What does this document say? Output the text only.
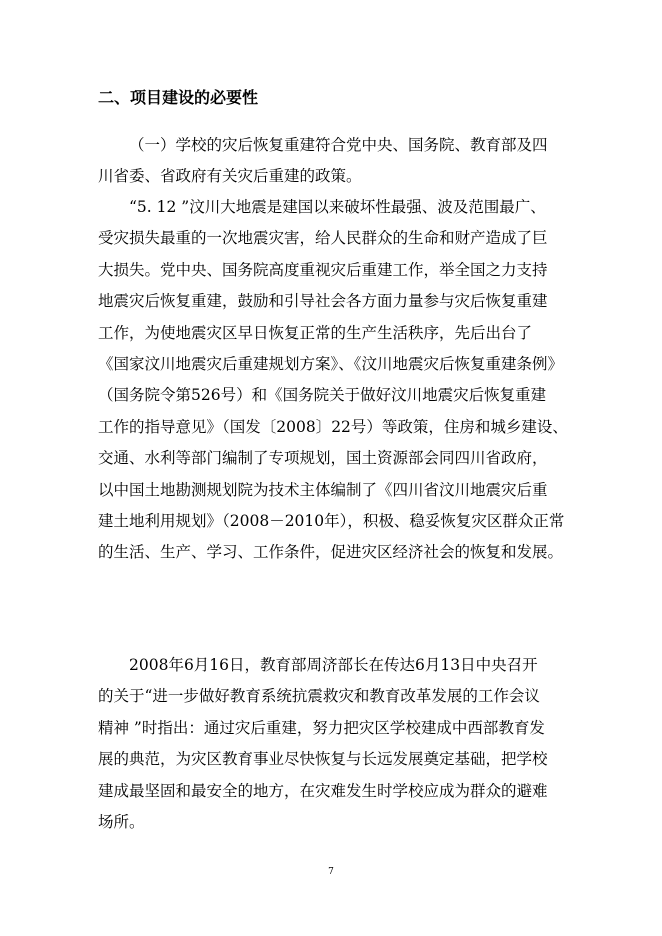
二、项目建设的必要性
（一）学校的灾后恢复重建符合党中央、国务院、教育部及四
川省委、省政府有关灾后重建的政策。
“5. 12 ”汶川大地震是建国以来破坏性最强、波及范围最广、
受灾损失最重的一次地震灾害，给人民群众的生命和财产造成了巨
大损失。党中央、国务院高度重视灾后重建工作，举全国之力支持
地震灾后恢复重建，鼓励和引导社会各方面力量参与灾后恢复重建
工作，为使地震灾区早日恢复正常的生产生活秩序，先后出台了
《国家汶川地震灾后重建规划方案》、《汶川地震灾后恢复重建条例》
（国务院令第526号）和《国务院关于做好汶川地震灾后恢复重建
工作的指导意见》（国发〔2008〕22号）等政策，住房和城乡建设、
交通、水利等部门编制了专项规划，国土资源部会同四川省政府，
以中国土地勘测规划院为技术主体编制了《四川省汶川地震灾后重
建土地利用规划》（2008－2010年），积极、稳妥恢复灾区群众正常
的生活、生产、学习、工作条件，促进灾区经济社会的恢复和发展。
2008年6月16日，教育部周济部长在传达6月13日中央召开
的关于“进一步做好教育系统抗震救灾和教育改革发展的工作会议
精神 ”时指出：通过灾后重建，努力把灾区学校建成中西部教育发
展的典范，为灾区教育事业尽快恢复与长远发展奠定基础，把学校
建成最坚固和最安全的地方，在灾难发生时学校应成为群众的避难
场所。
7
